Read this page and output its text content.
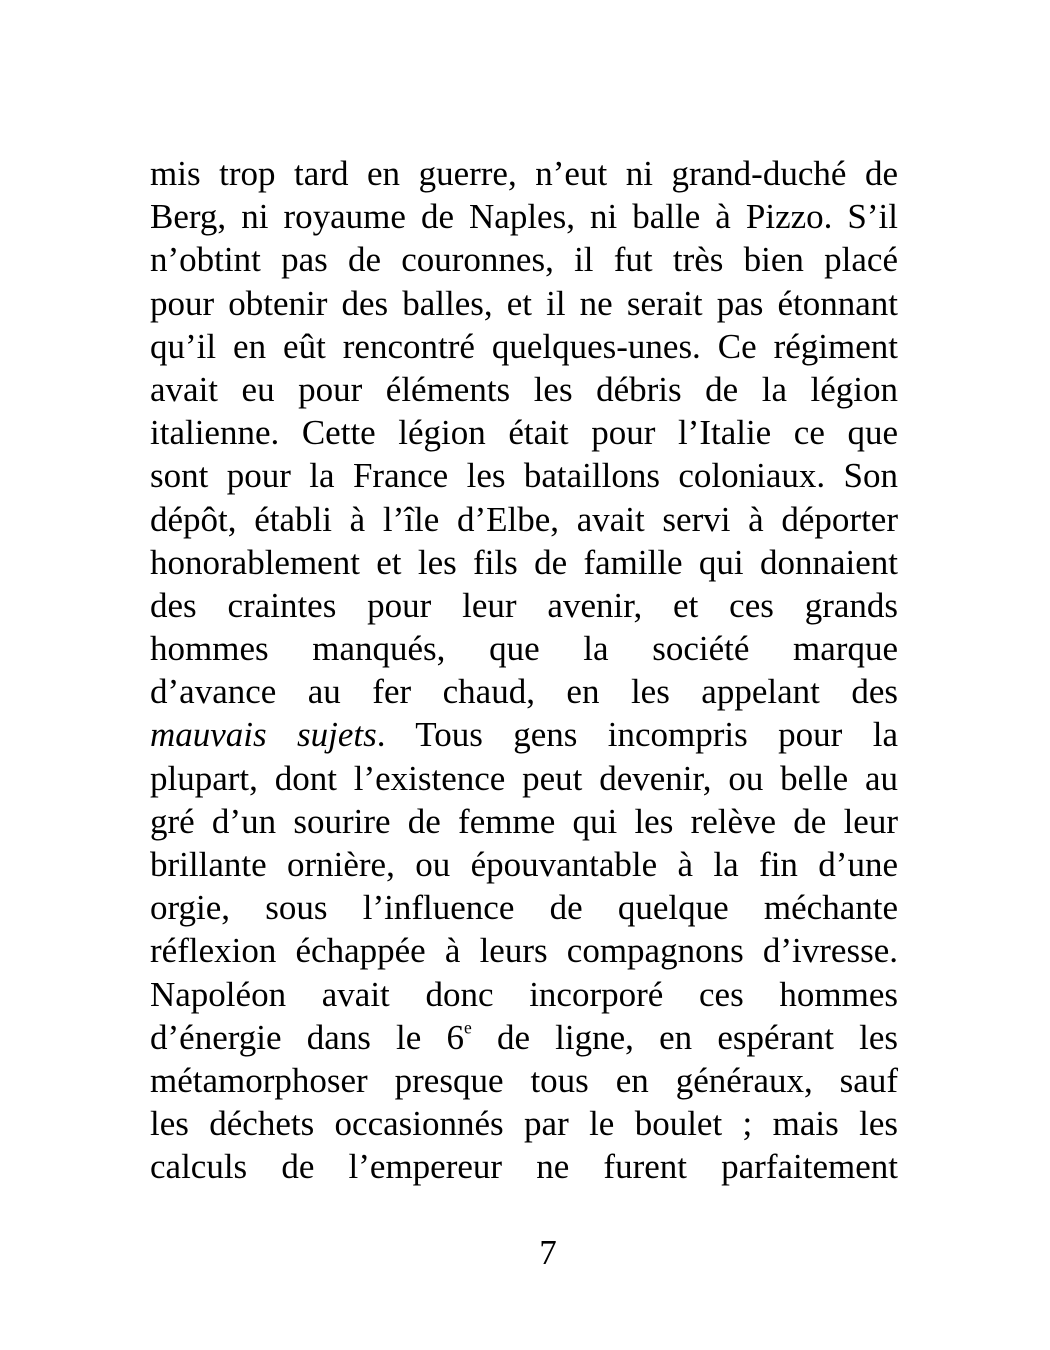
mis trop tard en guerre, n’eut ni grand-duché de
Berg, ni royaume de Naples, ni balle à Pizzo. S’il
n’obtint pas de couronnes, il fut très bien placé
pour obtenir des balles, et il ne serait pas étonnant
qu’il en eût rencontré quelques-unes. Ce régiment
avait eu pour éléments les débris de la légion
italienne. Cette légion était pour l’Italie ce que
sont pour la France les bataillons coloniaux. Son
dépôt, établi à l’île d’Elbe, avait servi à déporter
honorablement et les fils de famille qui donnaient
des craintes pour leur avenir, et ces grands
hommes manqués, que la société marque
d’avance au fer chaud, en les appelant des
mauvais sujets. Tous gens incompris pour la
plupart, dont l’existence peut devenir, ou belle au
gré d’un sourire de femme qui les relève de leur
brillante ornière, ou épouvantable à la fin d’une
orgie, sous l’influence de quelque méchante
réflexion échappée à leurs compagnons d’ivresse.
Napoléon avait donc incorporé ces hommes
d’énergie dans le 6e de ligne, en espérant les
métamorphoser presque tous en généraux, sauf
les déchets occasionnés par le boulet ; mais les
calculs de l’empereur ne furent parfaitement
7
